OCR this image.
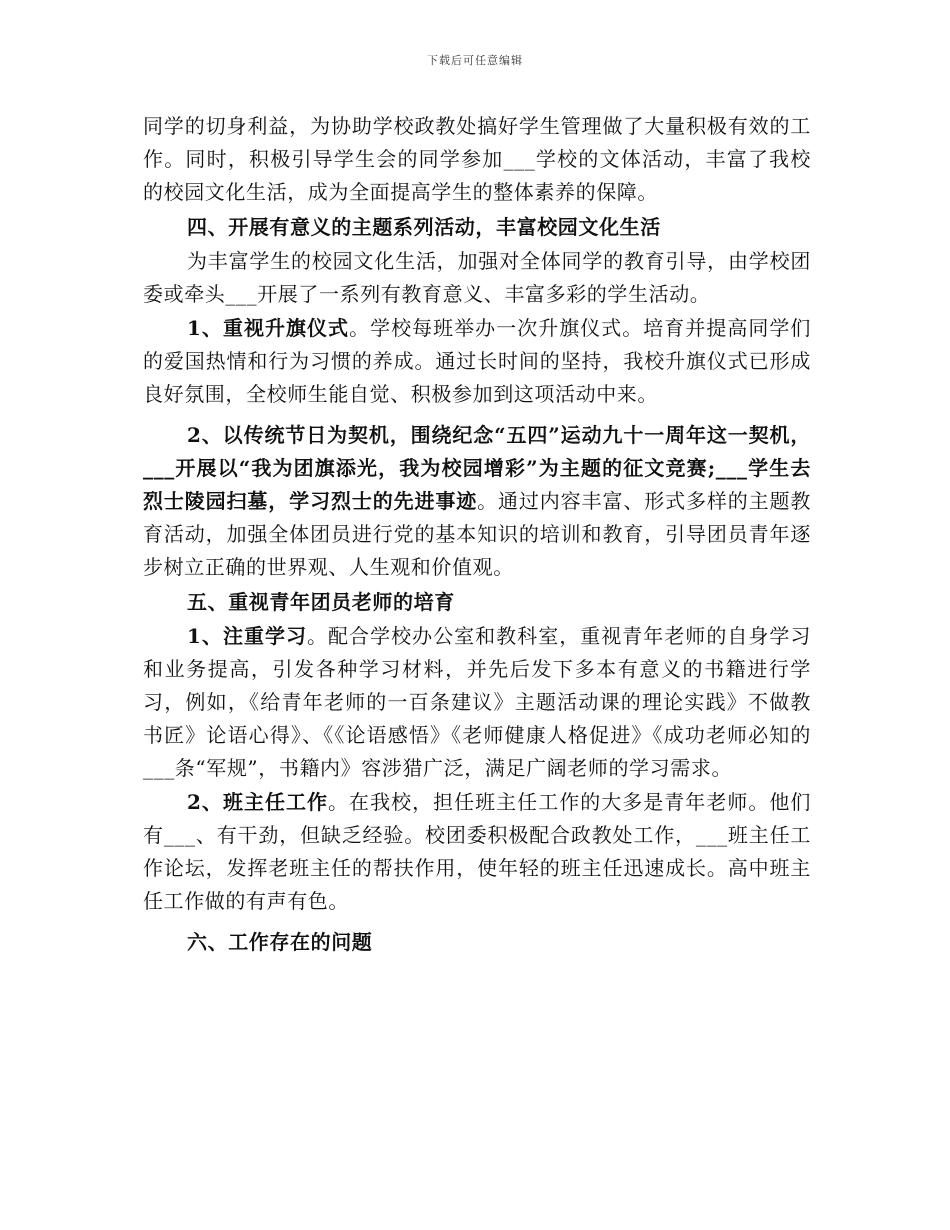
下载后可任意编辑

同学的切身利益，为协助学校政教处搞好学生管理做了大量积极有效的工作。同时，积极引导学生会的同学参加___学校的文体活动，丰富了我校的校园文化生活，成为全面提高学生的整体素养的保障。

四、开展有意义的主题系列活动，丰富校园文化生活

为丰富学生的校园文化生活，加强对全体同学的教育引导，由学校团委或牵头___开展了一系列有教育意义、丰富多彩的学生活动。

1、重视升旗仪式。学校每班举办一次升旗仪式。培育并提高同学们的爱国热情和行为习惯的养成。通过长时间的坚持，我校升旗仪式已形成良好氛围，全校师生能自觉、积极参加到这项活动中来。

2、以传统节日为契机，围绕纪念“五四”运动九十一周年这一契机，___开展以“我为团旗添光，我为校园增彩”为主题的征文竞赛;___学生去烈士陵园扫墓，学习烈士的先进事迹。通过内容丰富、形式多样的主题教育活动，加强全体团员进行党的基本知识的培训和教育，引导团员青年逐步树立正确的世界观、人生观和价值观。

五、重视青年团员老师的培育

1、注重学习。配合学校办公室和教科室，重视青年老师的自身学习和业务提高，引发各种学习材料，并先后发下多本有意义的书籍进行学习，例如，《给青年老师的一百条建议》主题活动课的理论实践》不做教书匠》论语心得》、《《论语感悟》《老师健康人格促进》《成功老师必知的___条“军规”，书籍内》容涉猎广泛，满足广阔老师的学习需求。

2、班主任工作。在我校，担任班主任工作的大多是青年老师。他们有___、有干劲，但缺乏经验。校团委积极配合政教处工作，___班主任工作论坛，发挥老班主任的帮扶作用，使年轻的班主任迅速成长。高中班主任工作做的有声有色。

六、工作存在的问题
